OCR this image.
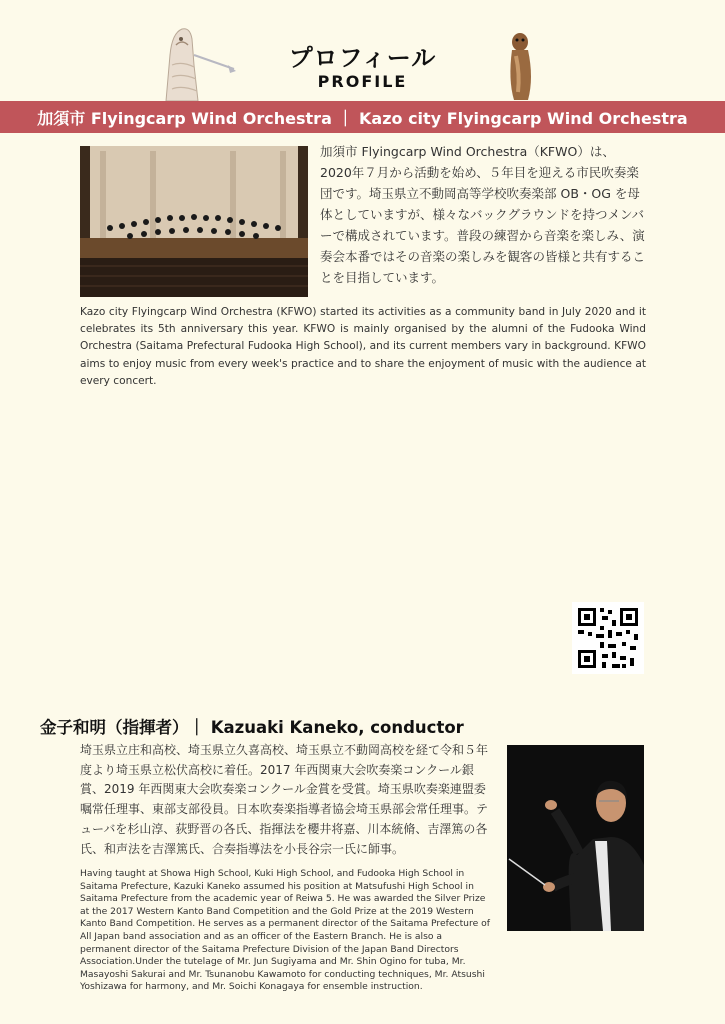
プロフィール
PROFILE
加須市 Flyingcarp Wind Orchestra ｜ Kazo city Flyingcarp Wind Orchestra
加須市 Flyingcarp Wind Orchestra（KFWO）は、2020年７月から活動を始め、５年目を迎える市民吹奏楽団です。埼玉県立不動岡高等学校吹奏楽部 OB・OG を母体としていますが、様々なバックグラウンドを持つメンバーで構成されています。普段の練習から音楽を楽しみ、演奏会本番ではその音楽の楽しみを観客の皆様と共有することを目指しています。
Kazo city Flyingcarp Wind Orchestra (KFWO) started its activities as a community band in July 2020 and it celebrates its 5th anniversary this year. KFWO is mainly organised by the alumni of the Fudooka Wind Orchestra (Saitama Prefectural Fudooka High School), and its current members vary in background. KFWO aims to enjoy music from every week's practice and to share the enjoyment of music with the audience at every concert.
金子和明（指揮者）｜ Kazuaki Kaneko, conductor
埼玉県立庄和高校、埼玉県立久喜高校、埼玉県立不動岡高校を経て令和５年度より埼玉県立松伏高校に着任。2017 年西関東大会吹奏楽コンクール銀賞、2019 年西関東大会吹奏楽コンクール金賞を受賞。埼玉県吹奏楽連盟委嘱常任理事、東部支部役員。日本吹奏楽指導者協会埼玉県部会常任理事。テューバを杉山淳、荻野晋の各氏、指揮法を櫻井将嘉、川本統脩、吉澤篤の各氏、和声法を吉澤篤氏、合奏指導法を小長谷宗一氏に師事。
Having taught at Showa High School, Kuki High School, and Fudooka High School in Saitama Prefecture, Kazuki Kaneko assumed his position at Matsufushi High School in Saitama Prefecture from the academic year of Reiwa 5. He was awarded the Silver Prize at the 2017 Western Kanto Band Competition and the Gold Prize at the 2019 Western Kanto Band Competition. He serves as a permanent director of the Saitama Prefecture of All Japan band association and as an officer of the Eastern Branch. He is also a permanent director of the Saitama Prefecture Division of the Japan Band Directors Association.Under the tutelage of Mr. Jun Sugiyama and Mr. Shin Ogino for tuba, Mr. Masayoshi Sakurai and Mr. Tsunanobu Kawamoto for conducting techniques, Mr. Atsushi Yoshizawa for harmony, and Mr. Soichi Konagaya for ensemble instruction.
